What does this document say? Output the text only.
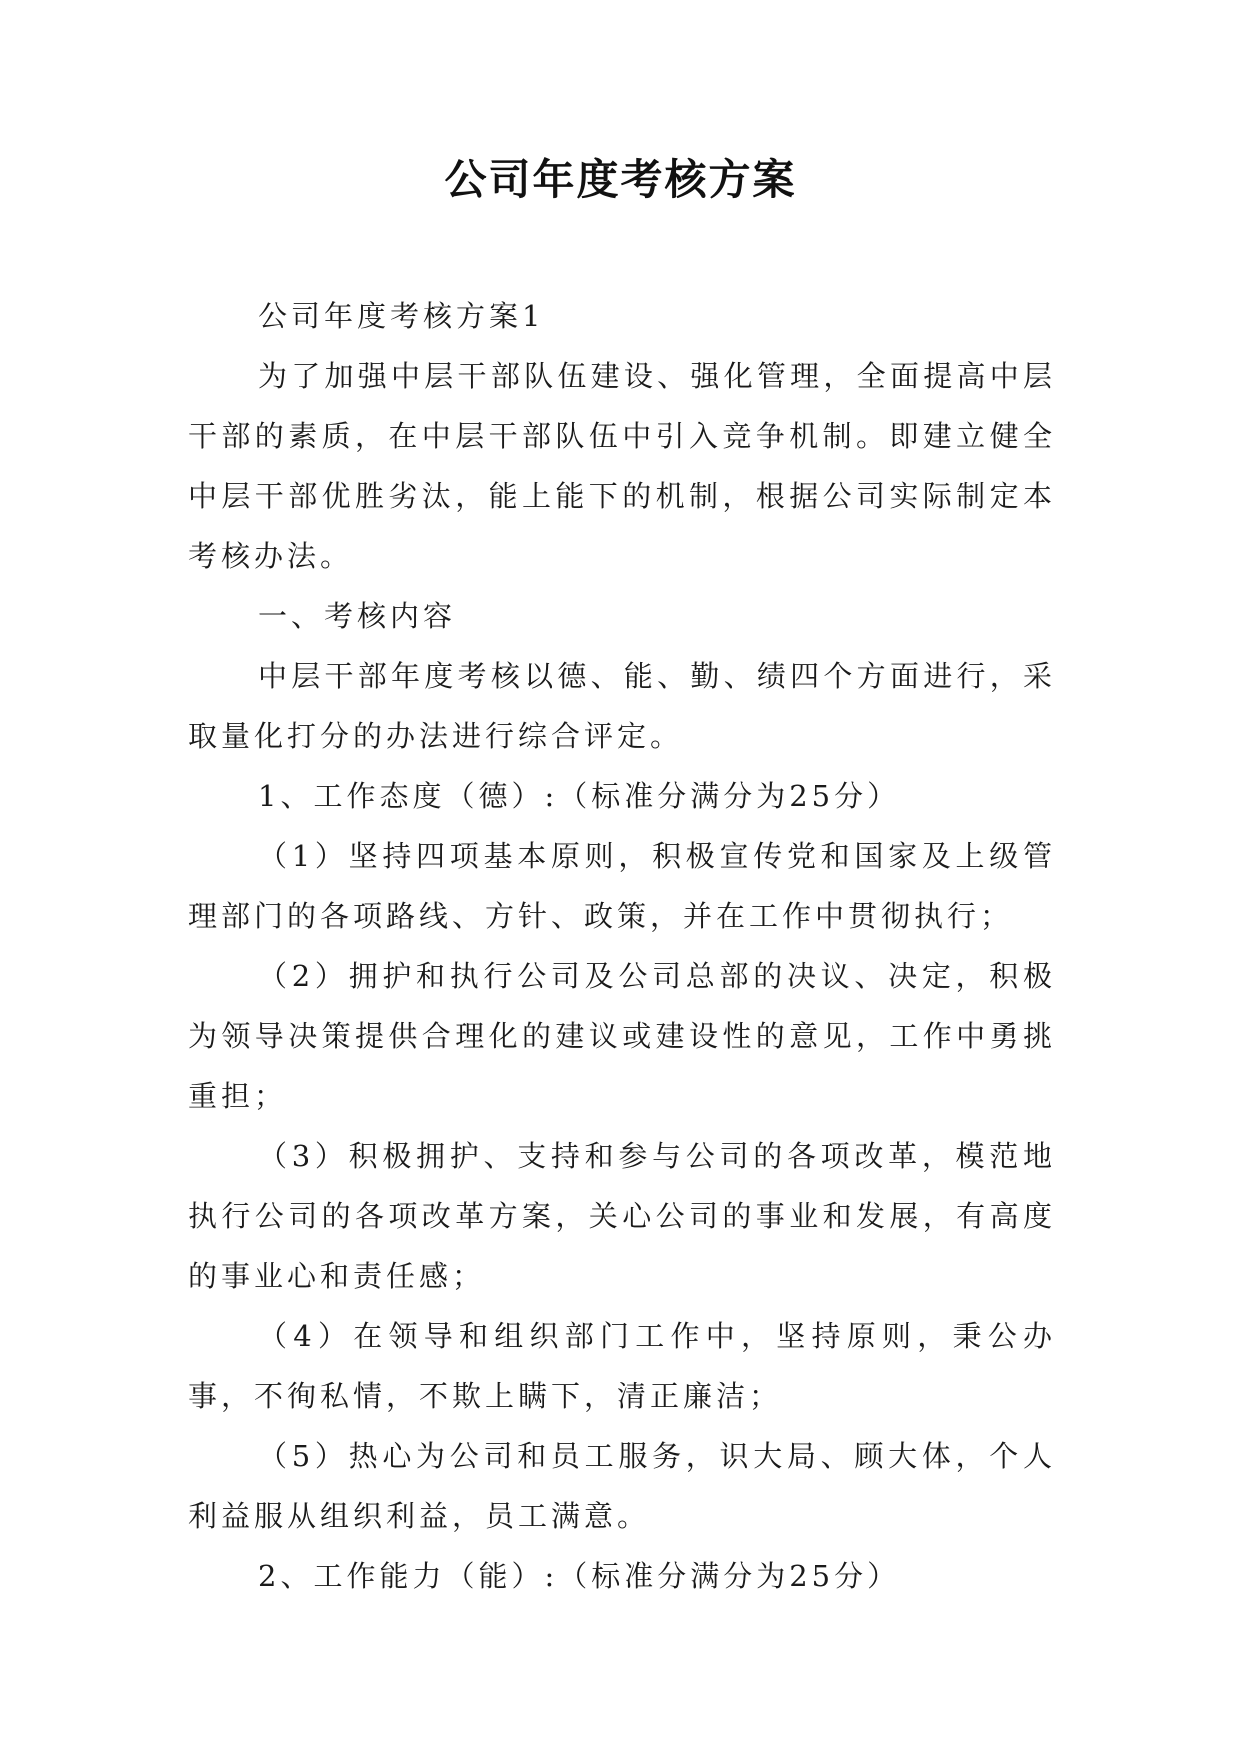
公司年度考核方案

公司年度考核方案1

为了加强中层干部队伍建设、强化管理，全面提高中层干部的素质，在中层干部队伍中引入竞争机制。即建立健全中层干部优胜劣汰，能上能下的机制，根据公司实际制定本考核办法。

一、考核内容

中层干部年度考核以德、能、勤、绩四个方面进行，采取量化打分的办法进行综合评定。

1、工作态度（德）:（标准分满分为25分）

（1）坚持四项基本原则，积极宣传党和国家及上级管理部门的各项路线、方针、政策，并在工作中贯彻执行；

（2）拥护和执行公司及公司总部的决议、决定，积极为领导决策提供合理化的建议或建设性的意见，工作中勇挑重担；

（3）积极拥护、支持和参与公司的各项改革，模范地执行公司的各项改革方案，关心公司的事业和发展，有高度的事业心和责任感；

（4）在领导和组织部门工作中，坚持原则，秉公办事，不徇私情，不欺上瞒下，清正廉洁；

（5）热心为公司和员工服务，识大局、顾大体，个人利益服从组织利益，员工满意。

2、工作能力（能）:（标准分满分为25分）
